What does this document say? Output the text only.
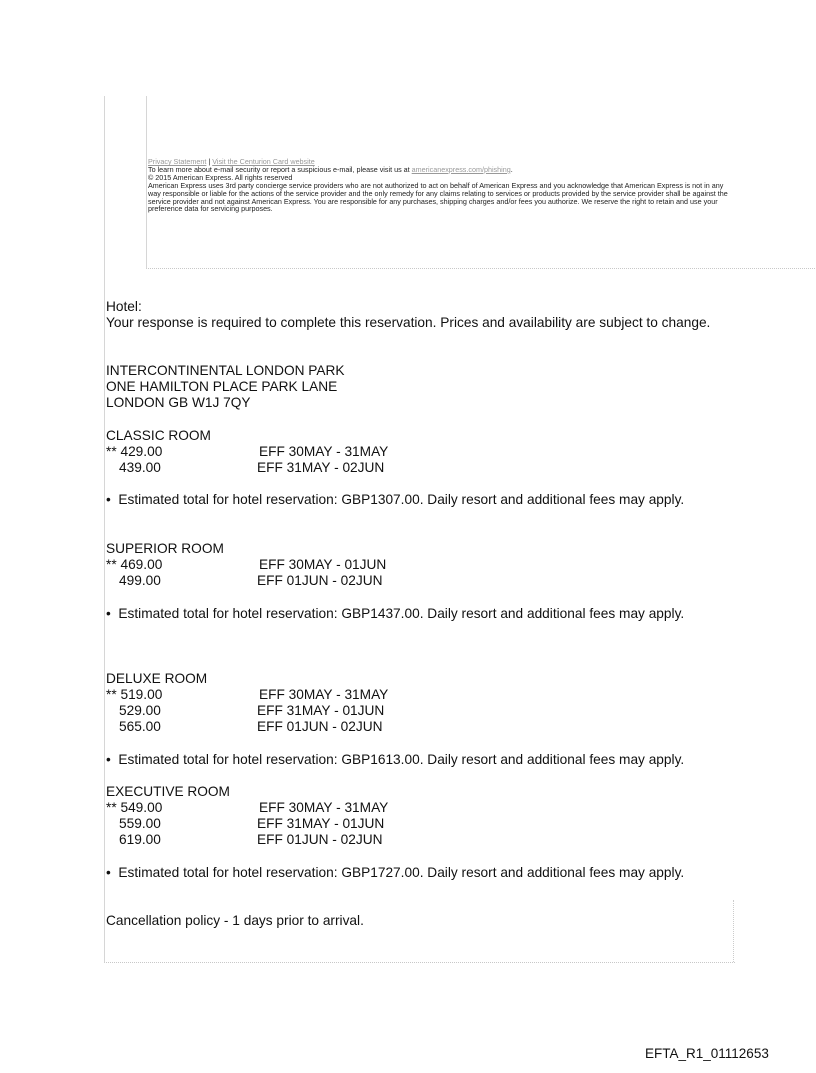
Privacy Statement | Visit the Centurion Card website
To learn more about e-mail security or report a suspicious e-mail, please visit us at americanexpress.com/phishing.
© 2015 American Express. All rights reserved
American Express uses 3rd party concierge service providers who are not authorized to act on behalf of American Express and you acknowledge that American Express is not in any
way responsible or liable for the actions of the service provider and the only remedy for any claims relating to services or products provided by the service provider shall be against the
service provider and not against American Express. You are responsible for any purchases, shipping charges and/or fees you authorize. We reserve the right to retain and use your
preference data for servicing purposes.
Hotel:
Your response is required to complete this reservation. Prices and availability are subject to change.
INTERCONTINENTAL LONDON PARK
ONE HAMILTON PLACE PARK LANE
LONDON GB W1J 7QY
CLASSIC ROOM
** 429.00	EFF 30MAY - 31MAY
439.00	EFF 31MAY - 02JUN
• Estimated total for hotel reservation: GBP1307.00. Daily resort and additional fees may apply.
SUPERIOR ROOM
** 469.00	EFF 30MAY - 01JUN
499.00	EFF 01JUN - 02JUN
• Estimated total for hotel reservation: GBP1437.00. Daily resort and additional fees may apply.
DELUXE ROOM
** 519.00	EFF 30MAY - 31MAY
529.00	EFF 31MAY - 01JUN
565.00	EFF 01JUN - 02JUN
• Estimated total for hotel reservation: GBP1613.00. Daily resort and additional fees may apply.
EXECUTIVE ROOM
** 549.00	EFF 30MAY - 31MAY
559.00	EFF 31MAY - 01JUN
619.00	EFF 01JUN - 02JUN
• Estimated total for hotel reservation: GBP1727.00. Daily resort and additional fees may apply.
Cancellation policy - 1 days prior to arrival.
EFTA_R1_01112653
